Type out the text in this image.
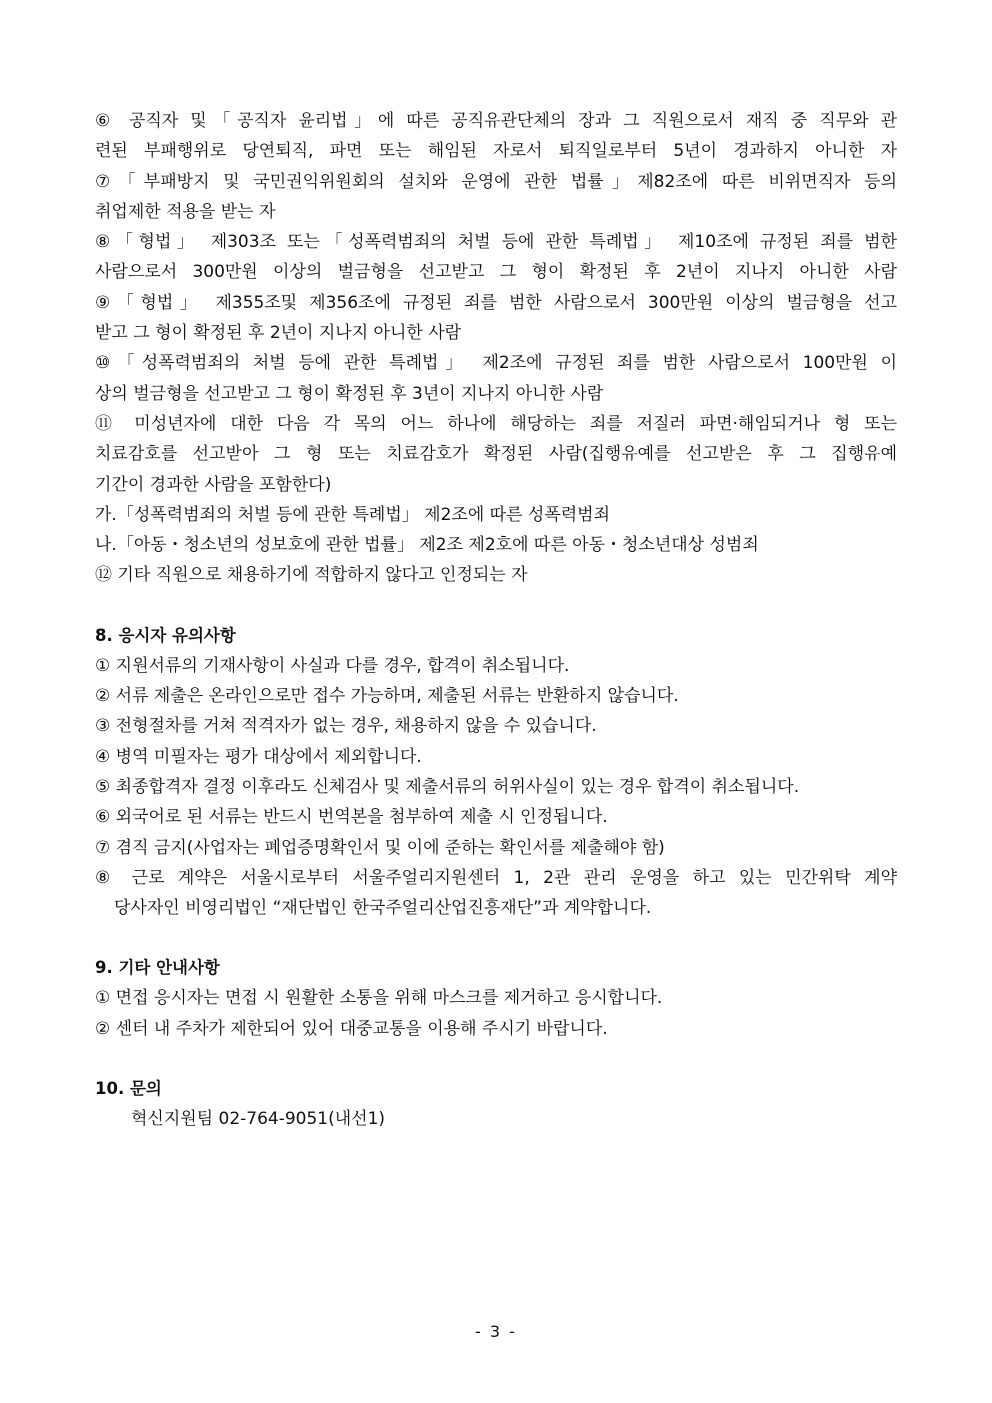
⑥ 공직자 및「공직자 윤리법」에 따른 공직유관단체의 장과 그 직원으로서 재직 중 직무와 관

련된 부패행위로 당연퇴직, 파면 또는 해임된 자로서 퇴직일로부터 5년이 경과하지 아니한 자

⑦「부패방지 및 국민권익위원회의 설치와 운영에 관한 법률」제82조에 따른 비위면직자 등의

취업제한 적용을 받는 자

⑧「형법」 제303조 또는「성폭력범죄의 처벌 등에 관한 특례법」 제10조에 규정된 죄를 범한

사람으로서 300만원 이상의 벌금형을 선고받고 그 형이 확정된 후 2년이 지나지 아니한 사람

⑨「형법」 제355조및 제356조에 규정된 죄를 범한 사람으로서 300만원 이상의 벌금형을 선고

받고 그 형이 확정된 후 2년이 지나지 아니한 사람

⑩「성폭력범죄의 처벌 등에 관한 특례법」 제2조에 규정된 죄를 범한 사람으로서 100만원 이

상의 벌금형을 선고받고 그 형이 확정된 후 3년이 지나지 아니한 사람

⑪ 미성년자에 대한 다음 각 목의 어느 하나에 해당하는 죄를 저질러 파면·해임되거나 형 또는

치료감호를 선고받아 그 형 또는 치료감호가 확정된 사람(집행유예를 선고받은 후 그 집행유예

기간이 경과한 사람을 포함한다)

가.「성폭력범죄의 처벌 등에 관한 특례법」 제2조에 따른 성폭력범죄

나.「아동・청소년의 성보호에 관한 법률」 제2조 제2호에 따른 아동・청소년대상 성범죄

⑫ 기타 직원으로 채용하기에 적합하지 않다고 인정되는 자

8. 응시자 유의사항

① 지원서류의 기재사항이 사실과 다를 경우, 합격이 취소됩니다.

② 서류 제출은 온라인으로만 접수 가능하며, 제출된 서류는 반환하지 않습니다.

③ 전형절차를 거쳐 적격자가 없는 경우, 채용하지 않을 수 있습니다.

④ 병역 미필자는 평가 대상에서 제외합니다.

⑤ 최종합격자 결정 이후라도 신체검사 및 제출서류의 허위사실이 있는 경우 합격이 취소됩니다.

⑥ 외국어로 된 서류는 반드시 번역본을 첨부하여 제출 시 인정됩니다.

⑦ 겸직 금지(사업자는 폐업증명확인서 및 이에 준하는 확인서를 제출해야 함)

⑧ 근로 계약은 서울시로부터 서울주얼리지원센터 1, 2관 관리 운영을 하고 있는 민간위탁 계약

당사자인 비영리법인 “재단법인 한국주얼리산업진흥재단”과 계약합니다.

9. 기타 안내사항

① 면접 응시자는 면접 시 원활한 소통을 위해 마스크를 제거하고 응시합니다.

② 센터 내 주차가 제한되어 있어 대중교통을 이용해 주시기 바랍니다.

10. 문의

혁신지원팀 02-764-9051(내선1)

- 3 -
